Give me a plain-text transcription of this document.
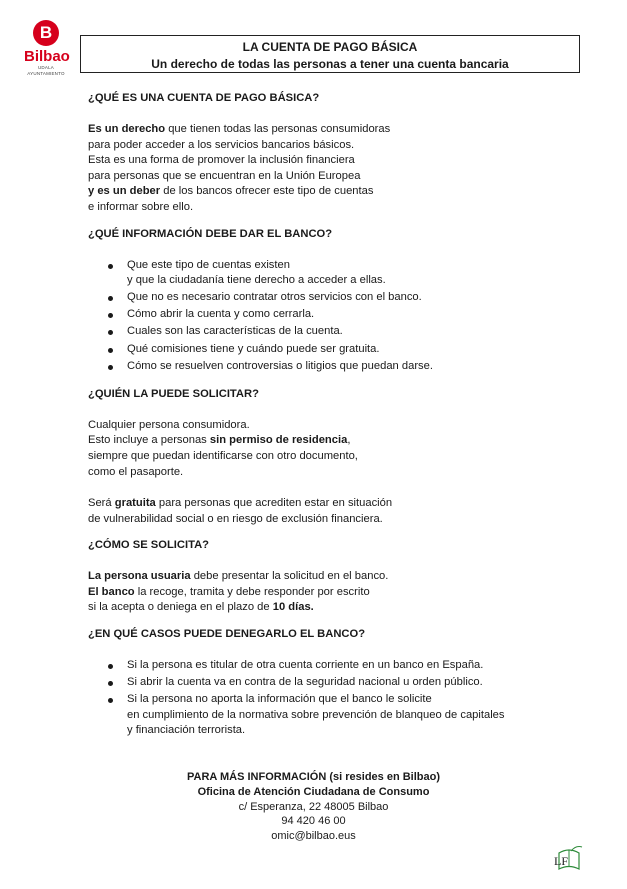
B
Bilbao
UDALA
AYUNTAMIENTO
LA CUENTA DE PAGO BÁSICA
Un derecho de todas las personas a tener una cuenta bancaria
¿QUÉ ES UNA CUENTA DE PAGO BÁSICA?
Es un derecho que tienen todas las personas consumidoras
para poder acceder a los servicios bancarios básicos.
Esta es una forma de promover la inclusión financiera
para personas que se encuentran en la Unión Europea
y es un deber de los bancos ofrecer este tipo de cuentas
e informar sobre ello.
¿QUÉ INFORMACIÓN DEBE DAR EL BANCO?
Que este tipo de cuentas existen
y que la ciudadanía tiene derecho a acceder a ellas.
Que no es necesario contratar otros servicios con el banco.
Cómo abrir la cuenta y como cerrarla.
Cuales son las características de la cuenta.
Qué comisiones tiene y cuándo puede ser gratuita.
Cómo se resuelven controversias o litigios que puedan darse.
¿QUIÉN LA PUEDE SOLICITAR?
Cualquier persona consumidora.
Esto incluye a personas sin permiso de residencia,
siempre que puedan identificarse con otro documento,
como el pasaporte.
Será gratuita para personas que acrediten estar en situación
de vulnerabilidad social o en riesgo de exclusión financiera.
¿CÓMO SE SOLICITA?
La persona usuaria debe presentar la solicitud en el banco.
El banco la recoge, tramita y debe responder por escrito
si la acepta o deniega en el plazo de 10 días.
¿EN QUÉ CASOS PUEDE DENEGARLO EL BANCO?
Si la persona es titular de otra cuenta corriente en un banco en España.
Si abrir la cuenta va en contra de la seguridad nacional u orden público.
Si la persona no aporta la información que el banco le solicite
en cumplimiento de la normativa sobre prevención de blanqueo de capitales
y financiación terrorista.
PARA MÁS INFORMACIÓN (si resides en Bilbao)
Oficina de Atención Ciudadana de Consumo
c/ Esperanza, 22 48005 Bilbao
94 420 46 00
omic@bilbao.eus
LF
